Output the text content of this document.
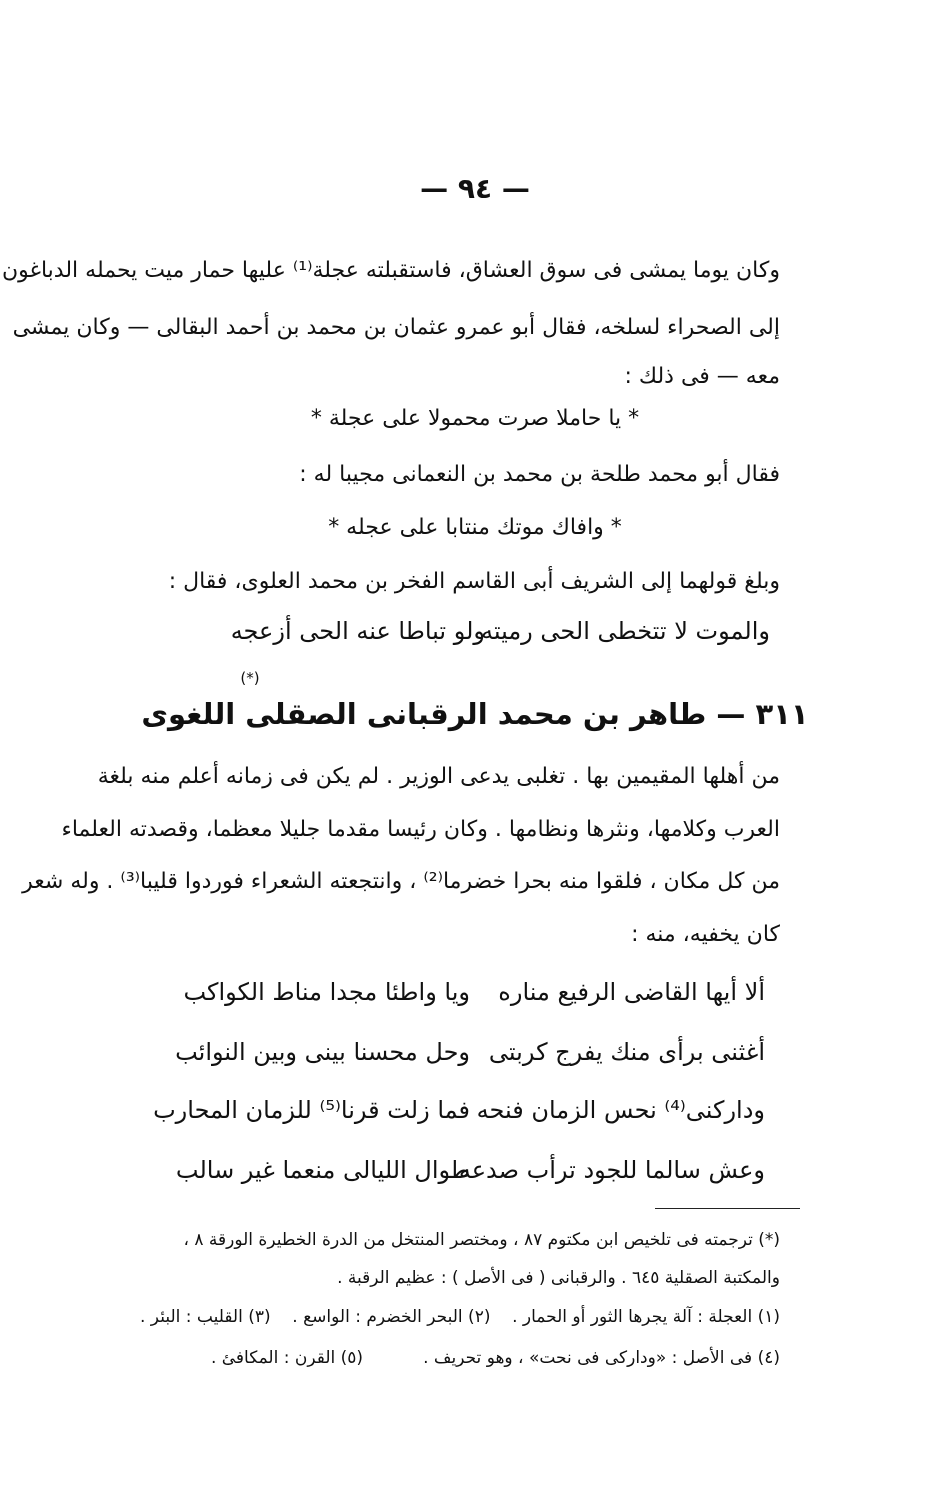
— ٩٤ —
وكان يوما يمشى فى سوق العشاق، فاستقبلته عجلة⁽¹⁾ عليها حمار ميت يحمله الدباغون
إلى الصحراء لسلخه، فقال أبو عمرو عثمان بن محمد بن أحمد البقالى — وكان يمشى
معه — فى ذلك :
* يا حاملا صرت محمولا على عجلة *
فقال أبو محمد طلحة بن محمد بن النعمانى مجيبا له :
* وافاك موتك منتابا على عجله *
وبلغ قولهما إلى الشريف أبى القاسم الفخر بن محمد العلوى، فقال :
والموت لا تتخطى الحى رميته
ولو تباطا عنه الحى أزعجه
(*)
٣١١ — طاهر بن محمد الرقبانى الصقلى اللغوى
من أهلها المقيمين بها . تغلبى يدعى الوزير . لم يكن فى زمانه أعلم منه بلغة
العرب وكلامها، ونثرها ونظامها . وكان رئيسا مقدما جليلا معظما، وقصدته العلماء
من كل مكان ، فلقوا منه بحرا خضرما⁽²⁾ ، وانتجعته الشعراء فوردوا قليبا⁽³⁾ . وله شعر
كان يخفيه، منه :
ألا أيها القاضى الرفيع مناره
ويا واطئا مجدا مناط الكواكب
أغثنى برأى منك يفرج كربتى
وحل محسنا بينى وبين النوائب
وداركنى⁽⁴⁾ نحس الزمان فنحه
فما زلت قرنا⁽⁵⁾ للزمان المحارب
وعش سالما للجود ترأب صدعه
طوال الليالى منعما غير سالب
(*) ترجمته فى تلخيص ابن مكتوم ٨٧ ، ومختصر المنتخل من الدرة الخطيرة الورقة ٨ ،
والمكتبة الصقلية ٦٤٥ . والرقبانى ( فى الأصل ) : عظيم الرقبة .
(١) العجلة : آلة يجرها الثور أو الحمار .
(٢) البحر الخضرم : الواسع .
(٣) القليب : البئر .
(٤) فى الأصل : «وداركى فى نحت» ، وهو تحريف .
(٥) القرن : المكافئ .
